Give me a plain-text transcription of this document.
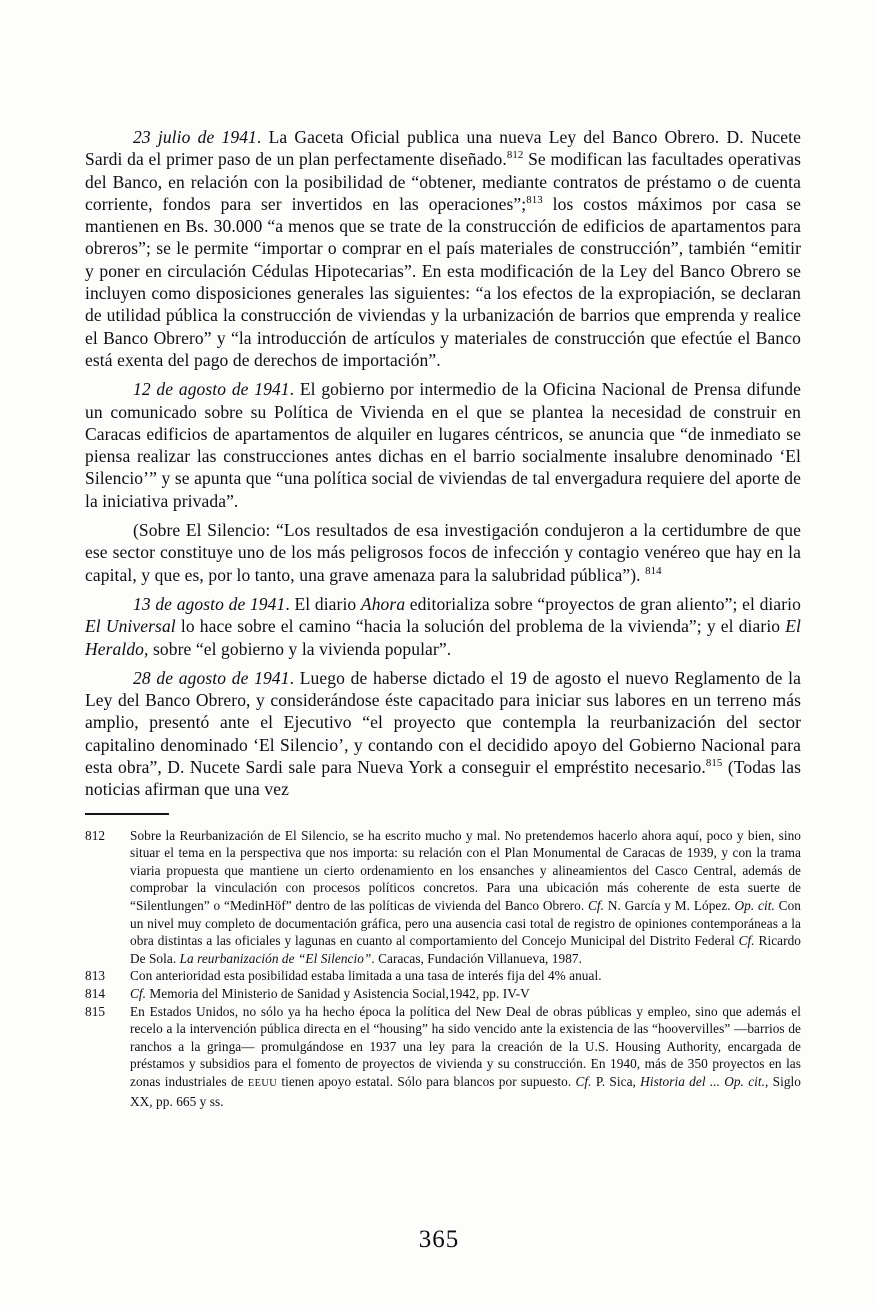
23 julio de 1941. La Gaceta Oficial publica una nueva Ley del Banco Obrero. D. Nucete Sardi da el primer paso de un plan perfectamente diseñado.$^{812}$ Se modifican las facultades operativas del Banco, en relación con la posibilidad de “obtener, mediante contratos de préstamo o de cuenta corriente, fondos para ser invertidos en las operaciones”;$^{813}$ los costos máximos por casa se mantienen en Bs. 30.000 “a menos que se trate de la construcción de edificios de apartamentos para obreros”; se le permite “importar o comprar en el país materiales de construcción”, también “emitir y poner en circulación Cédulas Hipotecarias”. En esta modificación de la Ley del Banco Obrero se incluyen como disposiciones generales las siguientes: “a los efectos de la expropiación, se declaran de utilidad pública la construcción de viviendas y la urbanización de barrios que emprenda y realice el Banco Obrero” y “la introducción de artículos y materiales de construcción que efectúe el Banco está exenta del pago de derechos de importación”.

12 de agosto de 1941. El gobierno por intermedio de la Oficina Nacional de Prensa difunde un comunicado sobre su Política de Vivienda en el que se plantea la necesidad de construir en Caracas edificios de apartamentos de alquiler en lugares céntricos, se anuncia que “de inmediato se piensa realizar las construcciones antes dichas en el barrio socialmente insalubre denominado ‘El Silencio’” y se apunta que “una política social de viviendas de tal envergadura requiere del aporte de la iniciativa privada”.

(Sobre El Silencio: “Los resultados de esa investigación condujeron a la certidumbre de que ese sector constituye uno de los más peligrosos focos de infección y contagio venéreo que hay en la capital, y que es, por lo tanto, una grave amenaza para la salubridad pública”). $^{814}$

13 de agosto de 1941. El diario Ahora editorializa sobre “proyectos de gran aliento”; el diario El Universal lo hace sobre el camino “hacia la solución del problema de la vivienda”; y el diario El Heraldo, sobre “el gobierno y la vivienda popular”.

28 de agosto de 1941. Luego de haberse dictado el 19 de agosto el nuevo Reglamento de la Ley del Banco Obrero, y considerándose éste capacitado para iniciar sus labores en un terreno más amplio, presentó ante el Ejecutivo “el proyecto que contempla la reurbanización del sector capitalino denominado ‘El Silencio’, y contando con el decidido apoyo del Gobierno Nacional para esta obra”, D. Nucete Sardi sale para Nueva York a conseguir el empréstito necesario.$^{815}$ (Todas las noticias afirman que una vez

812	Sobre la Reurbanización de El Silencio, se ha escrito mucho y mal. No pretendemos hacerlo ahora aquí, poco y bien, sino situar el tema en la perspectiva que nos importa: su relación con el Plan Monumental de Caracas de 1939, y con la trama viaria propuesta que mantiene un cierto ordenamiento en los ensanches y alineamientos del Casco Central, además de comprobar la vinculación con procesos políticos concretos. Para una ubicación más coherente de esta suerte de “Silentlungen” o “MedinHöf” dentro de las políticas de vivienda del Banco Obrero. Cf. N. García y M. López. Op. cit. Con un nivel muy completo de documentación gráfica, pero una ausencia casi total de registro de opiniones contemporáneas a la obra distintas a las oficiales y lagunas en cuanto al comportamiento del Concejo Municipal del Distrito Federal Cf. Ricardo De Sola. La reurbanización de “El Silencio”. Caracas, Fundación Villanueva, 1987.
813	Con anterioridad esta posibilidad estaba limitada a una tasa de interés fija del 4% anual.
814	Cf. Memoria del Ministerio de Sanidad y Asistencia Social,1942, pp. IV-V
815	En Estados Unidos, no sólo ya ha hecho época la política del New Deal de obras públicas y empleo, sino que además el recelo a la intervención pública directa en el “housing” ha sido vencido ante la existencia de las “hoovervilles” —barrios de ranchos a la gringa— promulgándose en 1937 una ley para la creación de la U.S. Housing Authority, encargada de préstamos y subsidios para el fomento de proyectos de vivienda y su construcción. En 1940, más de 350 proyectos en las zonas industriales de EEUU tienen apoyo estatal. Sólo para blancos por supuesto. Cf. P. Sica, Historia del ... Op. cit., Siglo XX, pp. 665 y ss.
365
